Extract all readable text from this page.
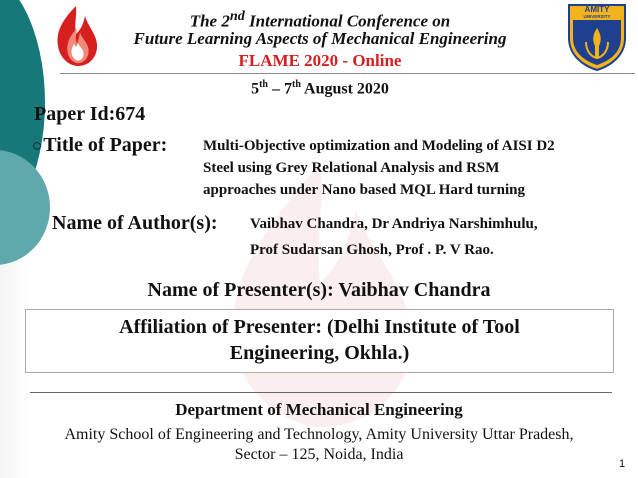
AMITY
UNIVERSITY
The 2nd International Conference on
Future Learning Aspects of Mechanical Engineering
FLAME 2020 - Online
5th – 7th August 2020
Paper Id:674
○Title of Paper: Multi-Objective optimization and Modeling of AISI D2
Steel using Grey Relational Analysis and RSM
approaches under Nano based MQL Hard turning
Name of Author(s): Vaibhav Chandra, Dr Andriya Narshimhulu,
Prof Sudarsan Ghosh, Prof . P. V Rao.
Name of Presenter(s): Vaibhav Chandra
Affiliation of Presenter: (Delhi Institute of Tool
Engineering, Okhla.)
Department of Mechanical Engineering
Amity School of Engineering and Technology, Amity University Uttar Pradesh,
Sector – 125, Noida, India
1
